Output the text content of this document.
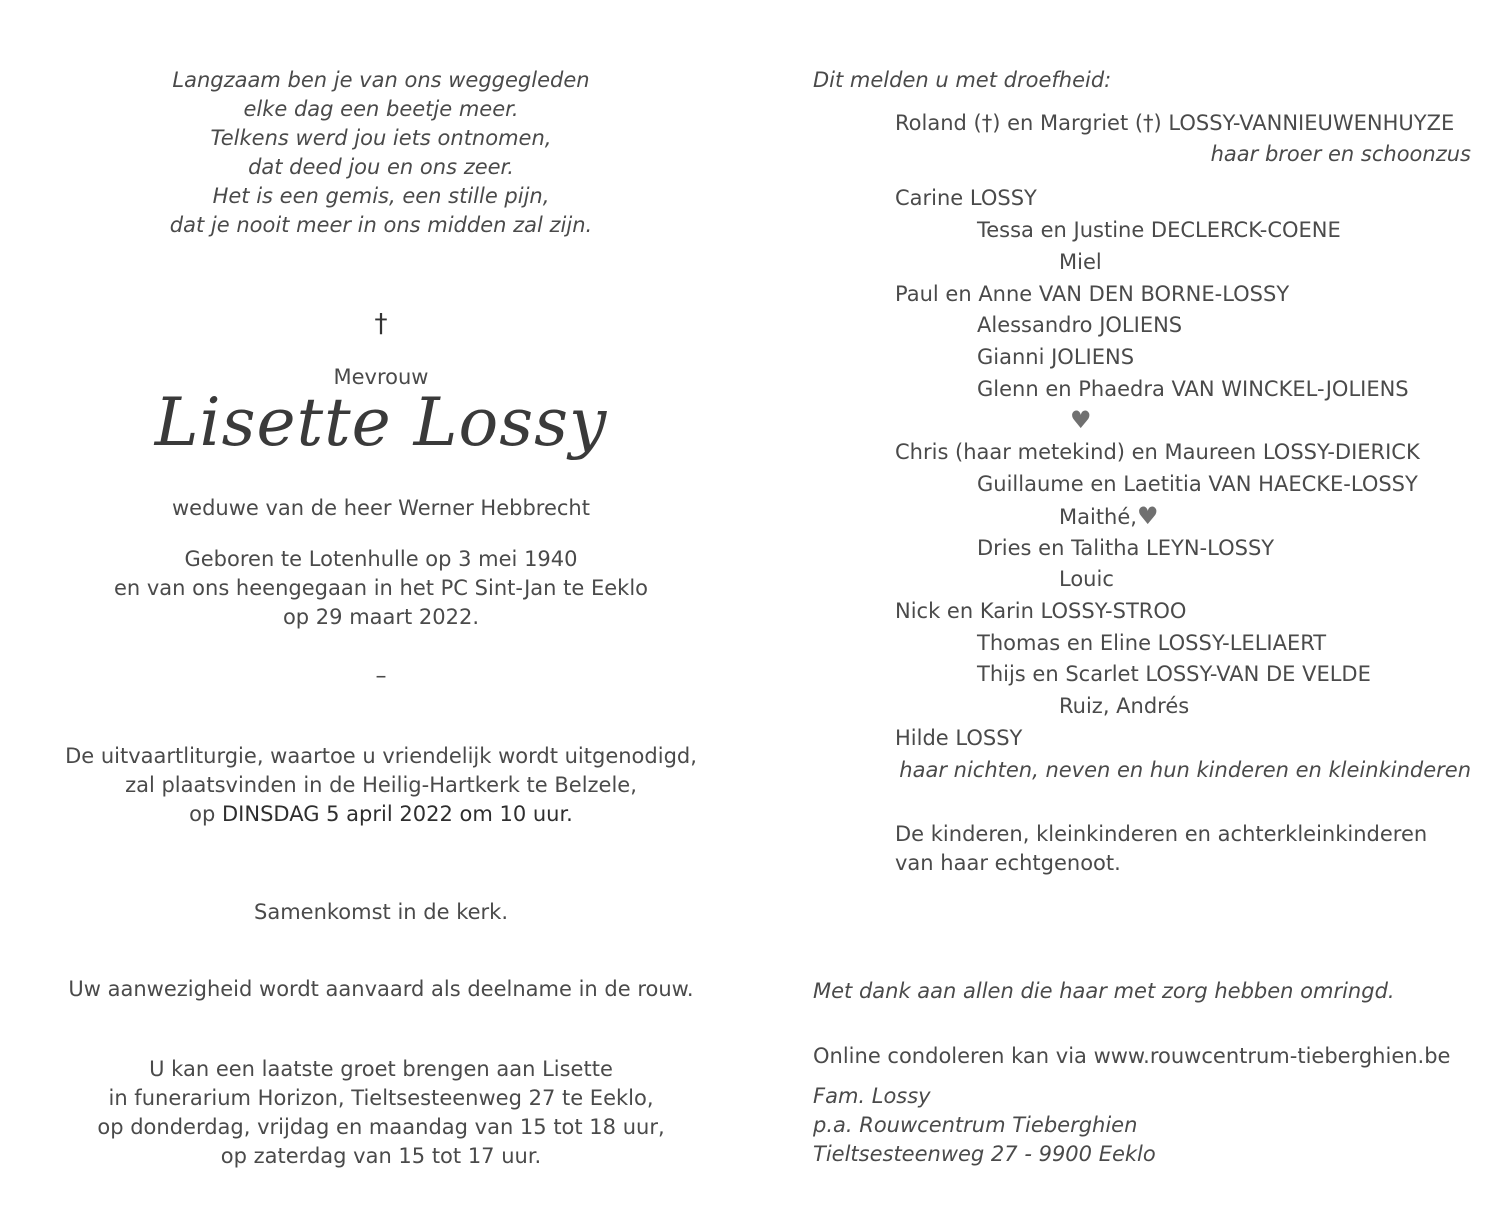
Langzaam ben je van ons weggegleden
elke dag een beetje meer.
Telkens werd jou iets ontnomen,
dat deed jou en ons zeer.
Het is een gemis, een stille pijn,
dat je nooit meer in ons midden zal zijn.
†
Mevrouw
Lisette Lossy
weduwe van de heer Werner Hebbrecht
Geboren te Lotenhulle op 3 mei 1940
en van ons heengegaan in het PC Sint-Jan te Eeklo
op 29 maart 2022.
–
De uitvaartliturgie, waartoe u vriendelijk wordt uitgenodigd,
zal plaatsvinden in de Heilig-Hartkerk te Belzele,
op DINSDAG 5 april 2022 om 10 uur.
Samenkomst in de kerk.
Uw aanwezigheid wordt aanvaard als deelname in de rouw.
U kan een laatste groet brengen aan Lisette
in funerarium Horizon, Tieltsesteenweg 27 te Eeklo,
op donderdag, vrijdag en maandag van 15 tot 18 uur,
op zaterdag van 15 tot 17 uur.
Dit melden u met droefheid:
Roland (†) en Margriet (†) LOSSY-VANNIEUWENHUYZE
haar broer en schoonzus
Carine LOSSY
Tessa en Justine DECLERCK-COENE
Miel
Paul en Anne VAN DEN BORNE-LOSSY
Alessandro JOLIENS
Gianni JOLIENS
Glenn en Phaedra VAN WINCKEL-JOLIENS
♥
Chris (haar metekind) en Maureen LOSSY-DIERICK
Guillaume en Laetitia VAN HAECKE-LOSSY
Maithé,♥
Dries en Talitha LEYN-LOSSY
Louic
Nick en Karin LOSSY-STROO
Thomas en Eline LOSSY-LELIAERT
Thijs en Scarlet LOSSY-VAN DE VELDE
Ruiz, Andrés
Hilde LOSSY
haar nichten, neven en hun kinderen en kleinkinderen
De kinderen, kleinkinderen en achterkleinkinderen
van haar echtgenoot.
Met dank aan allen die haar met zorg hebben omringd.
Online condoleren kan via www.rouwcentrum-tieberghien.be
Fam. Lossy
p.a. Rouwcentrum Tieberghien
Tieltsesteenweg 27 - 9900 Eeklo
